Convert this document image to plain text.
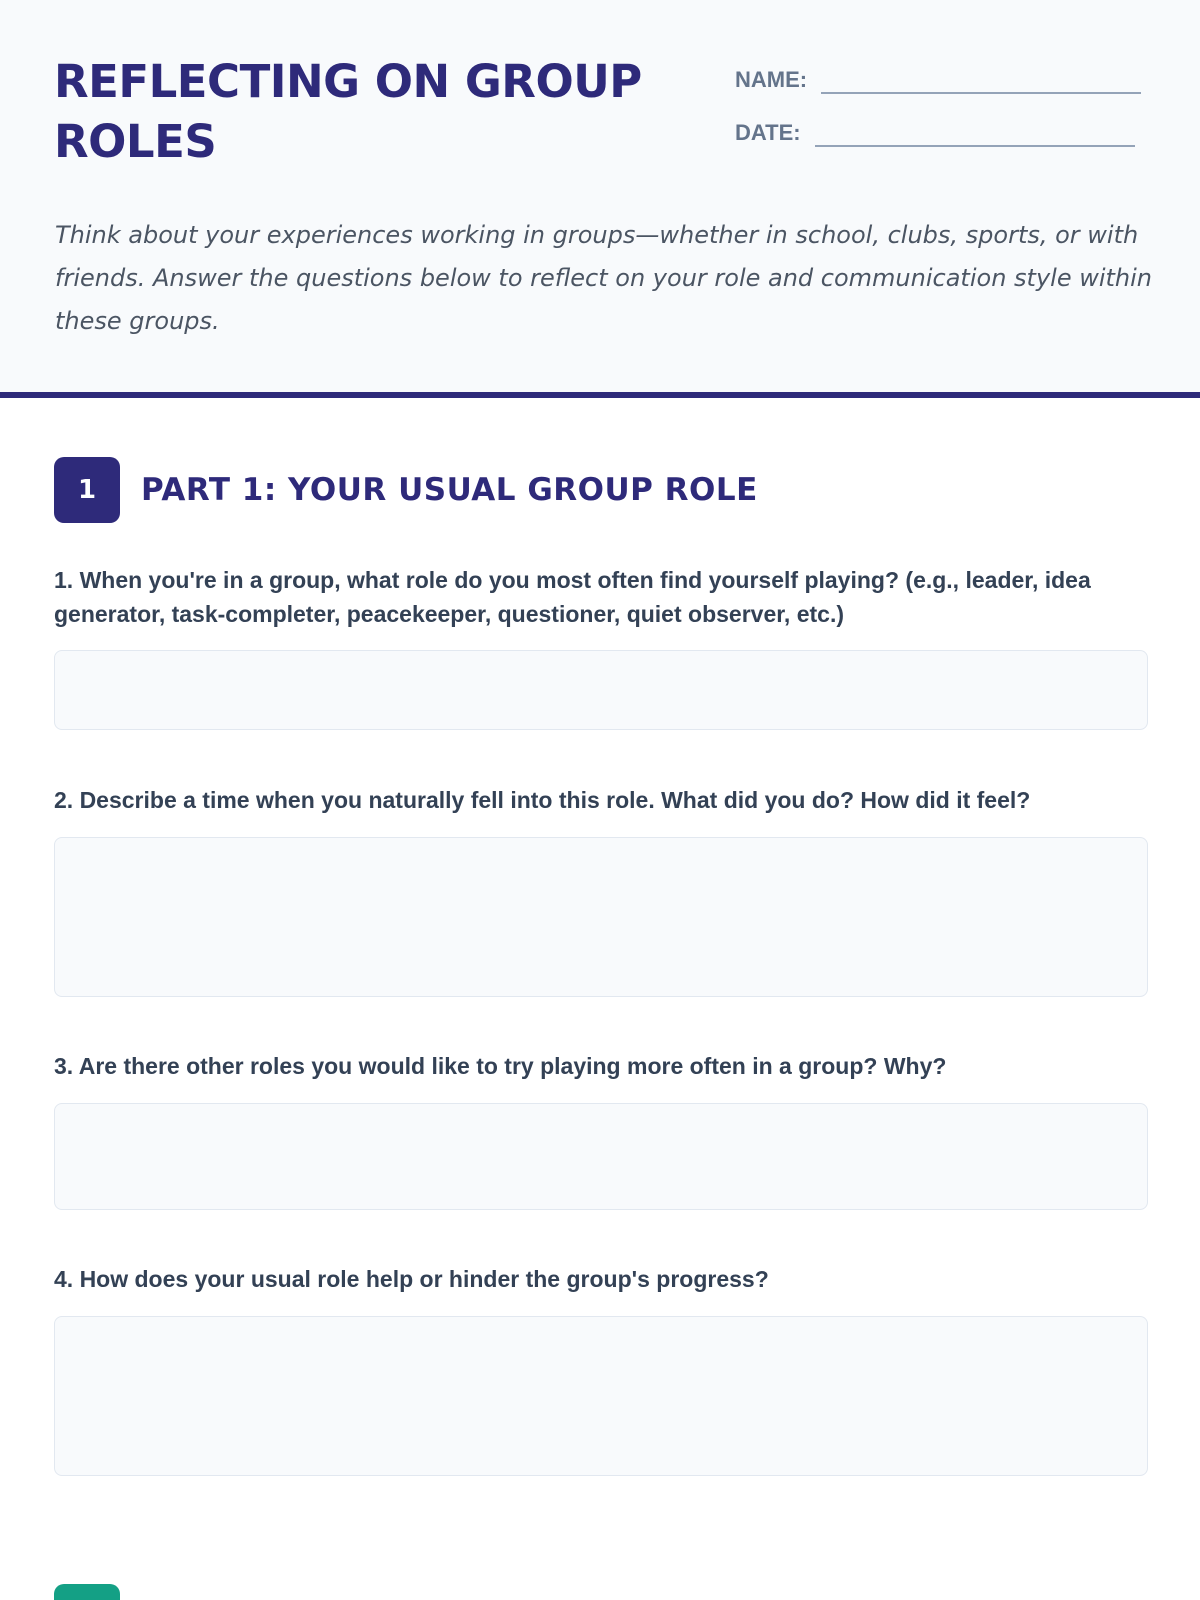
REFLECTING ON GROUP ROLES
NAME:
DATE:

Think about your experiences working in groups—whether in school, clubs, sports, or with friends. Answer the questions below to reflect on your role and communication style within these groups.

1	PART 1: YOUR USUAL GROUP ROLE

1. When you're in a group, what role do you most often find yourself playing? (e.g., leader, idea generator, task-completer, peacekeeper, questioner, quiet observer, etc.)

2. Describe a time when you naturally fell into this role. What did you do? How did it feel?

3. Are there other roles you would like to try playing more often in a group? Why?

4. How does your usual role help or hinder the group's progress?
